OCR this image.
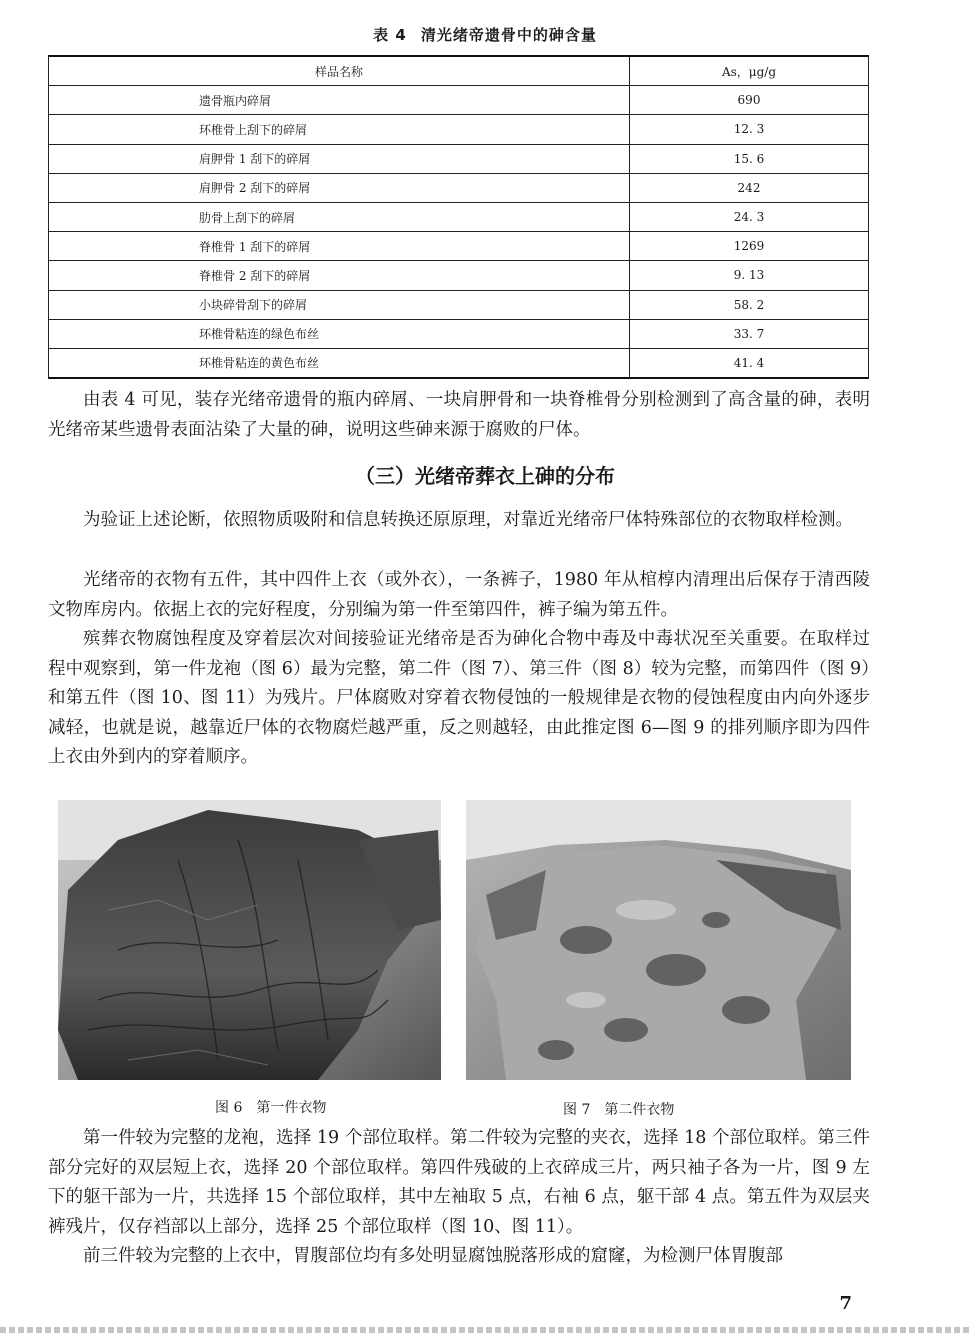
表 4 清光绪帝遗骨中的砷含量
样品名称	As，μg/g
遗骨瓶内碎屑	690
环椎骨上刮下的碎屑	12. 3
肩胛骨 1 刮下的碎屑	15. 6
肩胛骨 2 刮下的碎屑	242
肋骨上刮下的碎屑	24. 3
脊椎骨 1 刮下的碎屑	1269
脊椎骨 2 刮下的碎屑	9. 13
小块碎骨刮下的碎屑	58. 2
环椎骨粘连的绿色布丝	33. 7
环椎骨粘连的黄色布丝	41. 4

由表 4 可见，装存光绪帝遗骨的瓶内碎屑、一块肩胛骨和一块脊椎骨分别检测到了高含量的砷，表明光绪帝某些遗骨表面沾染了大量的砷，说明这些砷来源于腐败的尸体。

（三）光绪帝葬衣上砷的分布

为验证上述论断，依照物质吸附和信息转换还原原理，对靠近光绪帝尸体特殊部位的衣物取样检测。

光绪帝的衣物有五件，其中四件上衣（或外衣），一条裤子，1980 年从棺椁内清理出后保存于清西陵文物库房内。依据上衣的完好程度，分别编为第一件至第四件，裤子编为第五件。

殡葬衣物腐蚀程度及穿着层次对间接验证光绪帝是否为砷化合物中毒及中毒状况至关重要。在取样过程中观察到，第一件龙袍（图 6）最为完整，第二件（图 7）、第三件（图 8）较为完整，而第四件（图 9）和第五件（图 10、图 11）为残片。尸体腐败对穿着衣物侵蚀的一般规律是衣物的侵蚀程度由内向外逐步减轻，也就是说，越靠近尸体的衣物腐烂越严重，反之则越轻，由此推定图 6—图 9 的排列顺序即为四件上衣由外到内的穿着顺序。

图 6　第一件衣物	图 7　第二件衣物

第一件较为完整的龙袍，选择 19 个部位取样。第二件较为完整的夹衣，选择 18 个部位取样。第三件部分完好的双层短上衣，选择 20 个部位取样。第四件残破的上衣碎成三片，两只袖子各为一片，图 9 左下的躯干部为一片，共选择 15 个部位取样，其中左袖取 5 点，右袖 6 点，躯干部 4 点。第五件为双层夹裤残片，仅存裆部以上部分，选择 25 个部位取样（图 10、图 11）。

前三件较为完整的上衣中，胃腹部位均有多处明显腐蚀脱落形成的窟窿，为检测尸体胃腹部

7
